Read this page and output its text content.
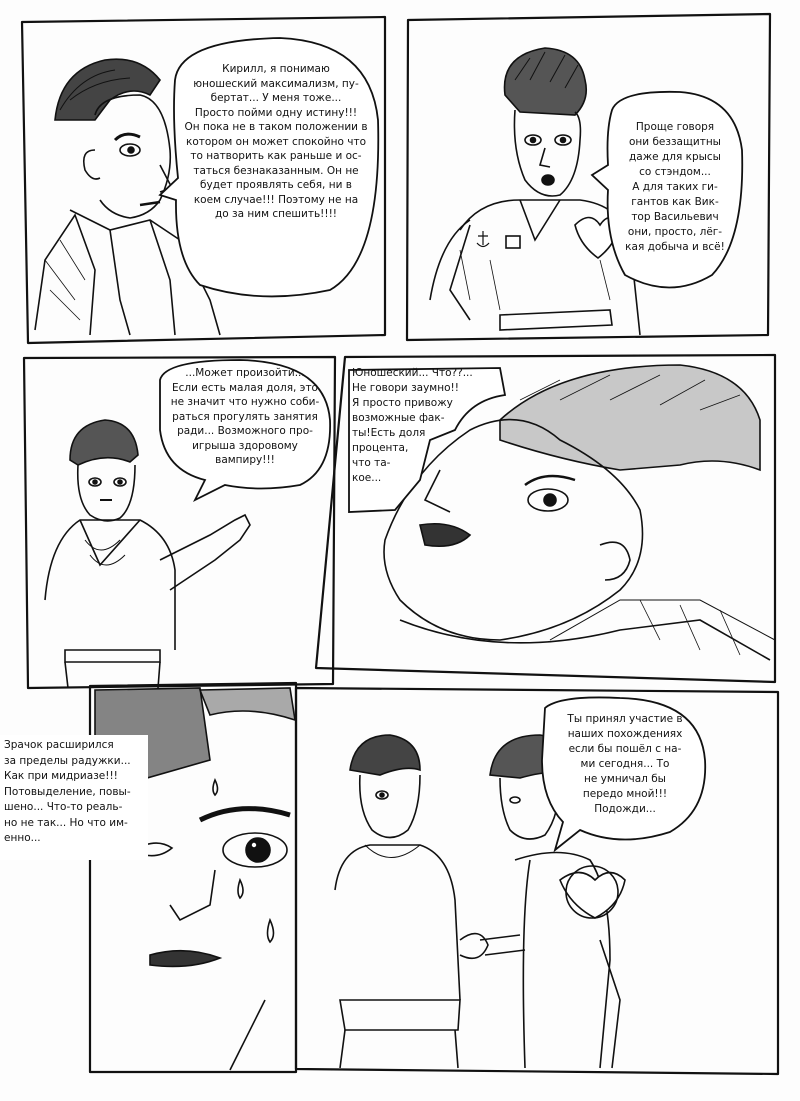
Кирилл, я понимаю
юношеский максимализм, пу-
бертат... У меня тоже...
Просто пойми одну истину!!!
Он пока не в таком положении в
котором он может спокойно что
то натворить как раньше и ос-
таться безнаказанным. Он не
будет проявлять себя, ни в
коем случае!!! Поэтому не на
до за ним спешить!!!!
Проще говоря
они беззащитны
даже для крысы
со стэндом...
А для таких ги-
гантов как Вик-
тор Васильевич
они, просто, лёг-
кая добыча и всё!
...Может произойти...
Если есть малая доля, это
не значит что нужно соби-
раться прогулять занятия
ради... Возможного про-
игрыша здоровому
вампиру!!!
Юношеский... Что??...
Не говори заумно!!
Я просто привожу
возможные фак-
ты!Есть доля
процента,
что та-
кое...
Зрачок расширился
за пределы радужки...
Как при мидриазе!!!
Потовыделение, повы-
шено... Что-то реаль-
но не так... Но что им-
енно...
Ты принял участие в
наших похождениях
если бы пошёл с на-
ми сегодня... То
не умничал бы
передо мной!!!
Подожди...
